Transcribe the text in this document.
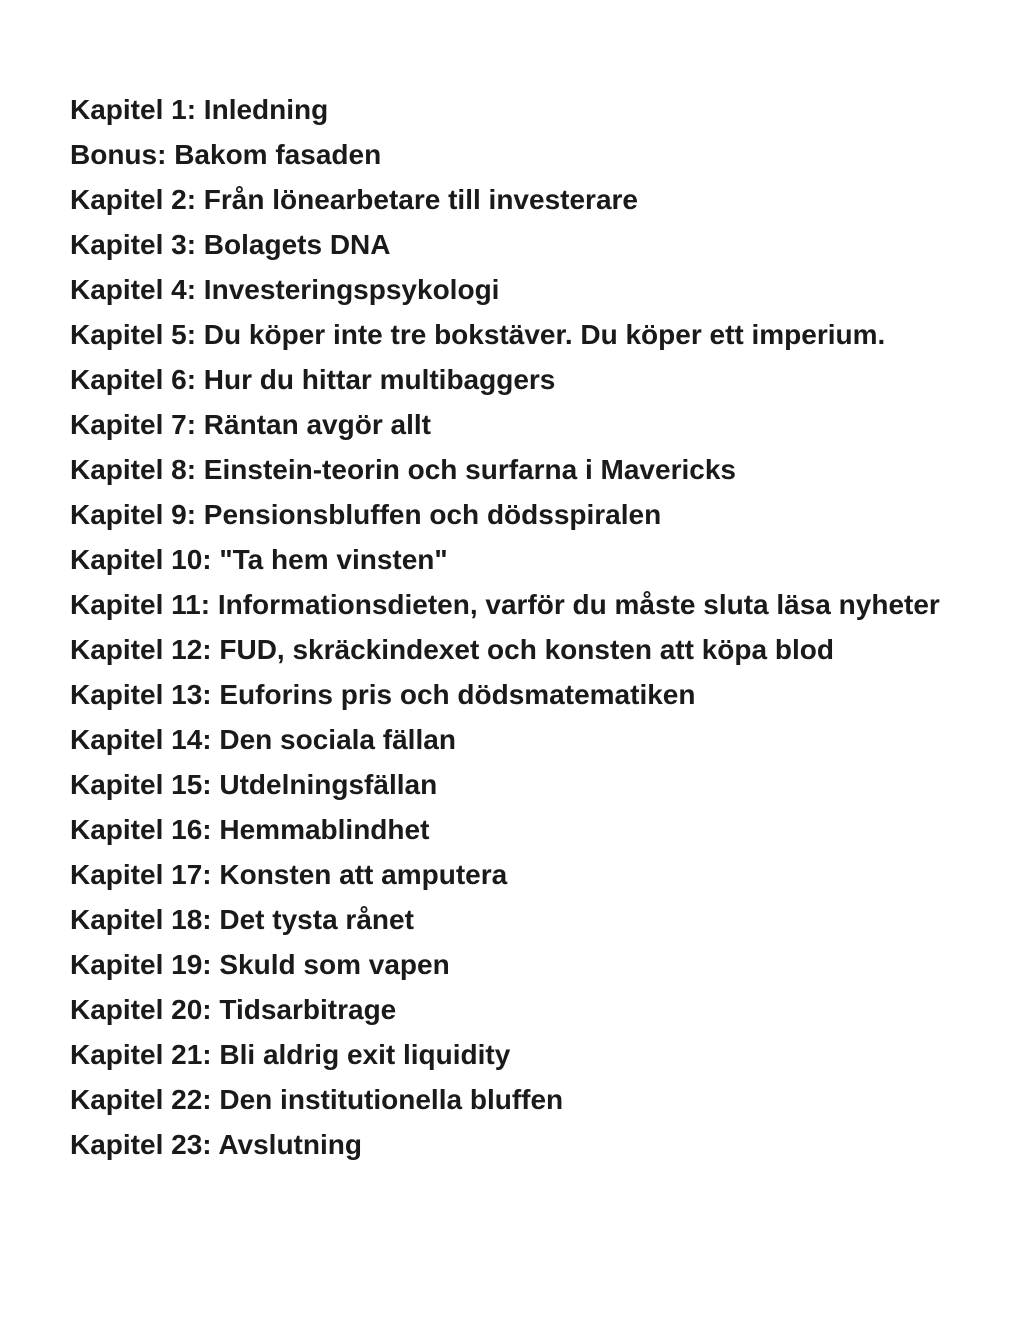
Kapitel 1: Inledning
Bonus: Bakom fasaden
Kapitel 2: Från lönearbetare till investerare
Kapitel 3: Bolagets DNA
Kapitel 4: Investeringspsykologi
Kapitel 5: Du köper inte tre bokstäver. Du köper ett imperium.
Kapitel 6: Hur du hittar multibaggers
Kapitel 7: Räntan avgör allt
Kapitel 8: Einstein-teorin och surfarna i Mavericks
Kapitel 9: Pensionsbluffen och dödsspiralen
Kapitel 10: "Ta hem vinsten"
Kapitel 11: Informationsdieten, varför du måste sluta läsa nyheter
Kapitel 12: FUD, skräckindexet och konsten att köpa blod
Kapitel 13: Euforins pris och dödsmatematiken
Kapitel 14: Den sociala fällan
Kapitel 15: Utdelningsfällan
Kapitel 16: Hemmablindhet
Kapitel 17: Konsten att amputera
Kapitel 18: Det tysta rånet
Kapitel 19: Skuld som vapen
Kapitel 20: Tidsarbitrage
Kapitel 21: Bli aldrig exit liquidity
Kapitel 22: Den institutionella bluffen
Kapitel 23: Avslutning
